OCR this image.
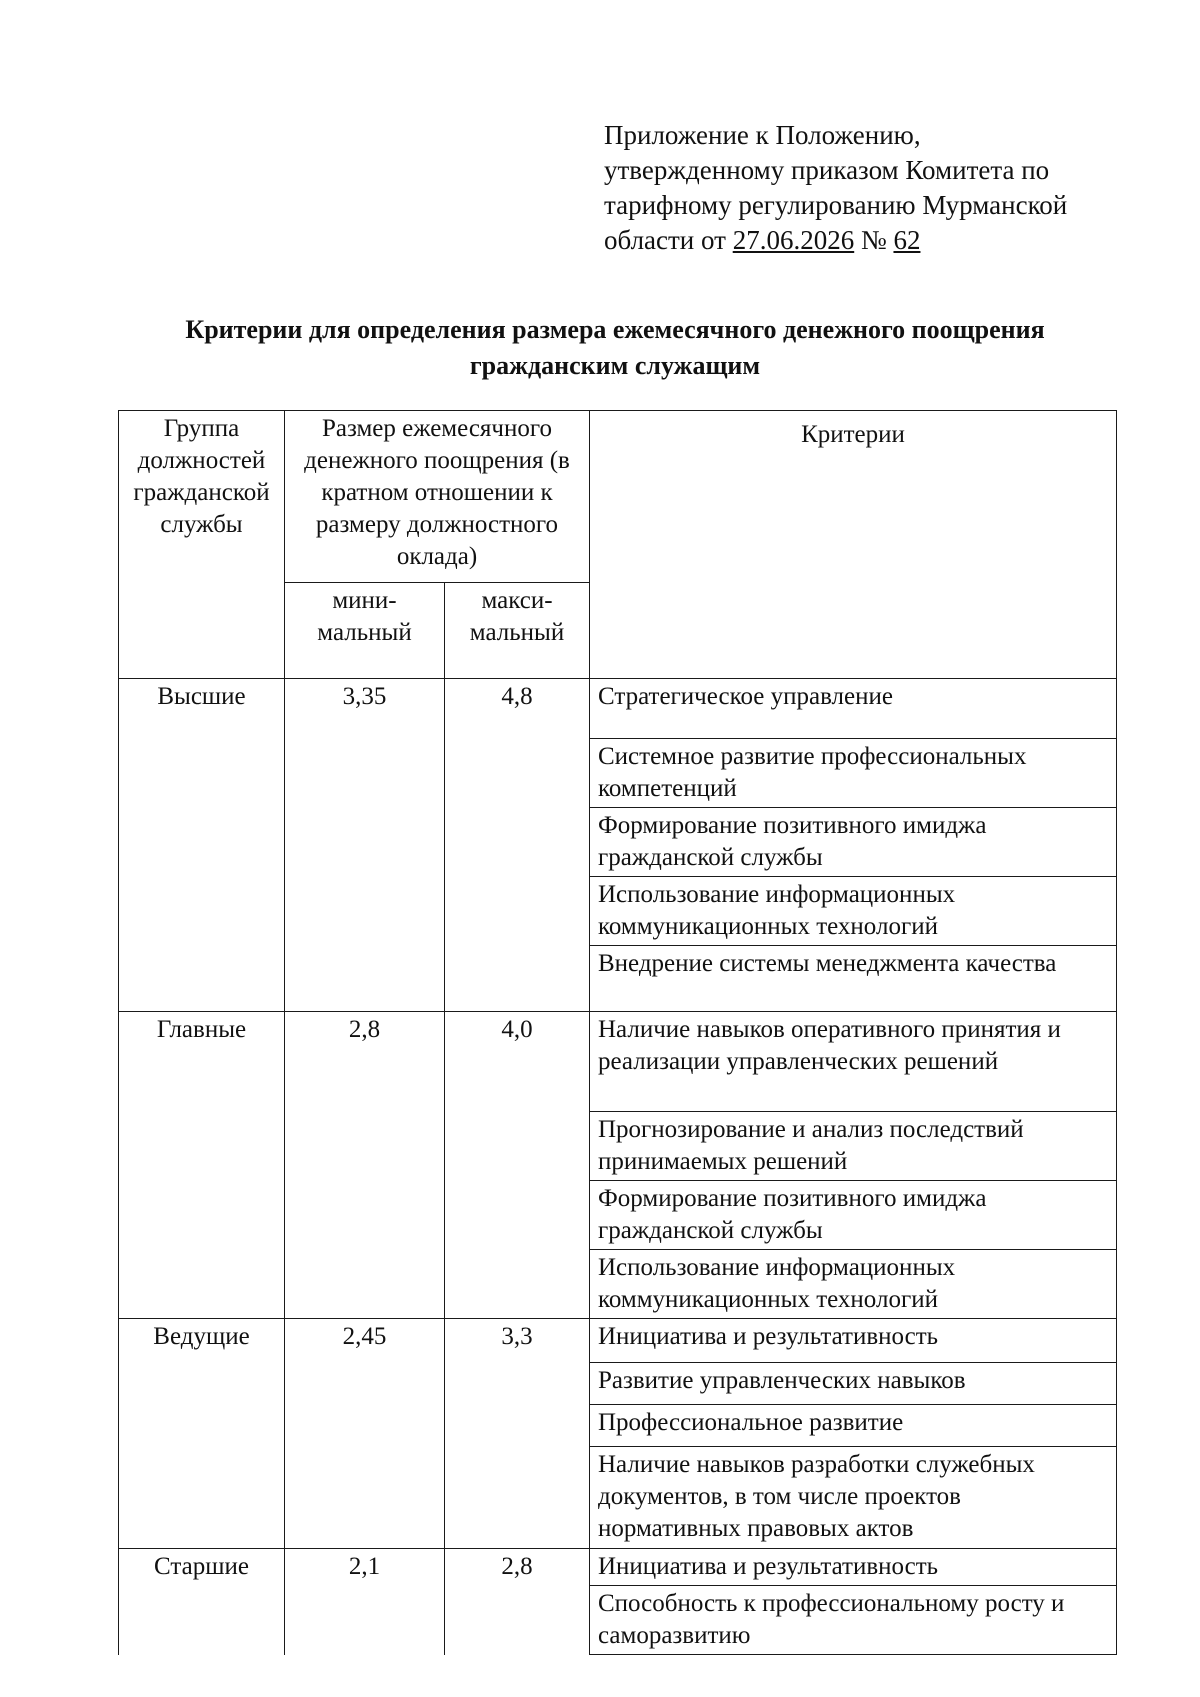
Приложение к Положению,
утвержденному приказом Комитета по
тарифному регулированию Мурманской
области от 27.06.2026 № 62
Критерии для определения размера ежемесячного денежного поощрения
гражданским служащим
Группа должностей гражданской службы	Размер ежемесячного денежного поощрения (в кратном отношении к размеру должностного оклада)		Критерии
	мини-мальный	макси-мальный	
Высшие	3,35	4,8	Стратегическое управление
			Системное развитие профессиональных компетенций
			Формирование позитивного имиджа гражданской службы
			Использование информационных коммуникационных технологий
			Внедрение системы менеджмента качества
Главные	2,8	4,0	Наличие навыков оперативного принятия и реализации управленческих решений
			Прогнозирование и анализ последствий принимаемых решений
			Формирование позитивного имиджа гражданской службы
			Использование информационных коммуникационных технологий
Ведущие	2,45	3,3	Инициатива и результативность
			Развитие управленческих навыков
			Профессиональное развитие
			Наличие навыков разработки служебных документов, в том числе проектов нормативных правовых актов
Старшие	2,1	2,8	Инициатива и результативность
			Способность к профессиональному росту и саморазвитию
